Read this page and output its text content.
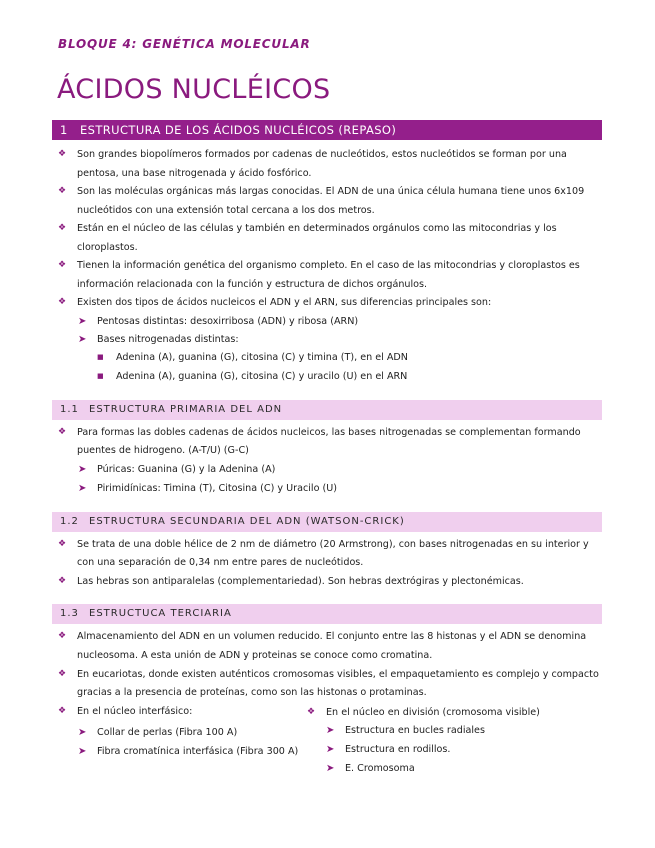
BLOQUE 4: GENÉTICA MOLECULAR
ÁCIDOS NUCLÉICOS
1 ESTRUCTURA DE LOS ÁCIDOS NUCLÉICOS (REPASO)
❖ Son grandes biopolímeros formados por cadenas de nucleótidos, estos nucleótidos se forman por una
pentosa, una base nitrogenada y ácido fosfórico.
❖ Son las moléculas orgánicas más largas conocidas. El ADN de una única célula humana tiene unos 6x109
nucleótidos con una extensión total cercana a los dos metros.
❖ Están en el núcleo de las células y también en determinados orgánulos como las mitocondrias y los
cloroplastos.
❖ Tienen la información genética del organismo completo. En el caso de las mitocondrias y cloroplastos es
información relacionada con la función y estructura de dichos orgánulos.
❖ Existen dos tipos de ácidos nucleicos el ADN y el ARN, sus diferencias principales son:
➤ Pentosas distintas: desoxirribosa (ADN) y ribosa (ARN)
➤ Bases nitrogenadas distintas:
■ Adenina (A), guanina (G), citosina (C) y timina (T), en el ADN
■ Adenina (A), guanina (G), citosina (C) y uracilo (U) en el ARN
1.1 ESTRUCTURA PRIMARIA DEL ADN
❖ Para formas las dobles cadenas de ácidos nucleicos, las bases nitrogenadas se complementan formando
puentes de hidrogeno. (A-T/U) (G-C)
➤ Púricas: Guanina (G) y la Adenina (A)
➤ Pirimidínicas: Timina (T), Citosina (C) y Uracilo (U)
1.2 ESTRUCTURA SECUNDARIA DEL ADN (WATSON-CRICK)
❖ Se trata de una doble hélice de 2 nm de diámetro (20 Armstrong), con bases nitrogenadas en su interior y
con una separación de 0,34 nm entre pares de nucleótidos.
❖ Las hebras son antiparalelas (complementariedad). Son hebras dextrógiras y plectonémicas.
1.3 ESTRUCTUCA TERCIARIA
❖ Almacenamiento del ADN en un volumen reducido. El conjunto entre las 8 histonas y el ADN se denomina
nucleosoma. A esta unión de ADN y proteinas se conoce como cromatina.
❖ En eucariotas, donde existen auténticos cromosomas visibles, el empaquetamiento es complejo y compacto
gracias a la presencia de proteínas, como son las histonas o protaminas.
❖ En el núcleo interfásico:
➤ Collar de perlas (Fibra 100 A)
➤ Fibra cromatínica interfásica (Fibra 300 A)
❖ En el núcleo en división (cromosoma visible)
➤ Estructura en bucles radiales
➤ Estructura en rodillos.
➤ E. Cromosoma
